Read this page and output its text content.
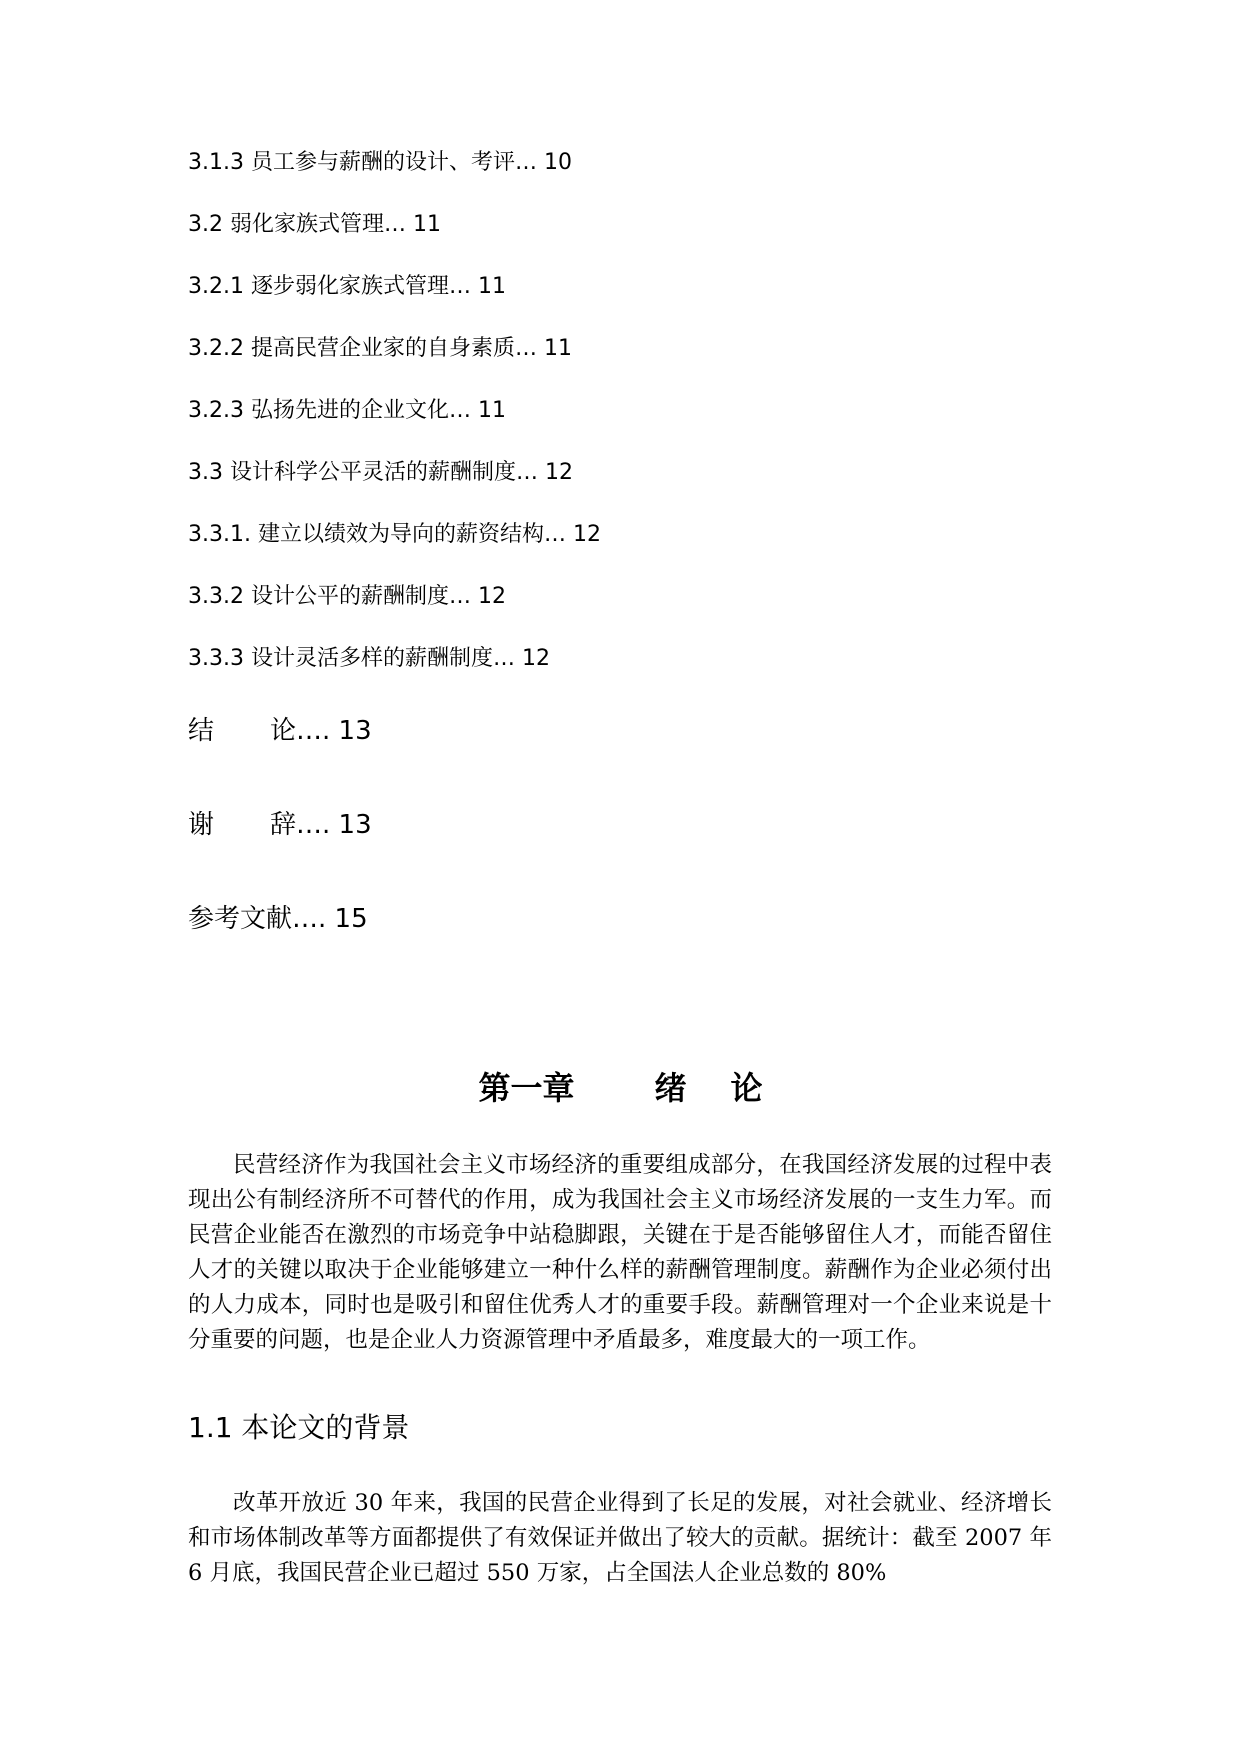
3.1.3 员工参与薪酬的设计、考评… 10
3.2 弱化家族式管理… 11
3.2.1 逐步弱化家族式管理… 11
3.2.2 提高民营企业家的自身素质… 11
3.2.3 弘扬先进的企业文化… 11
3.3 设计科学公平灵活的薪酬制度… 12
3.3.1. 建立以绩效为导向的薪资结构… 12
3.3.2 设计公平的薪酬制度… 12
3.3.3 设计灵活多样的薪酬制度… 12
结 论…. 13
谢 辞…. 13
参考文献…. 15
第一章	绪 论

民营经济作为我国社会主义市场经济的重要组成部分，在我国经济发展的过程中表现出公有制经济所不可替代的作用，成为我国社会主义市场经济发展的一支生力军。而民营企业能否在激烈的市场竞争中站稳脚跟，关键在于是否能够留住人才，而能否留住人才的关键以取决于企业能够建立一种什么样的薪酬管理制度。薪酬作为企业必须付出的人力成本，同时也是吸引和留住优秀人才的重要手段。薪酬管理对一个企业来说是十分重要的问题，也是企业人力资源管理中矛盾最多，难度最大的一项工作。

1.1 本论文的背景

改革开放近 30 年来，我国的民营企业得到了长足的发展，对社会就业、经济增长和市场体制改革等方面都提供了有效保证并做出了较大的贡献。据统计：截至 2007 年 6 月底，我国民营企业已超过 550 万家，占全国法人企业总数的 80%
